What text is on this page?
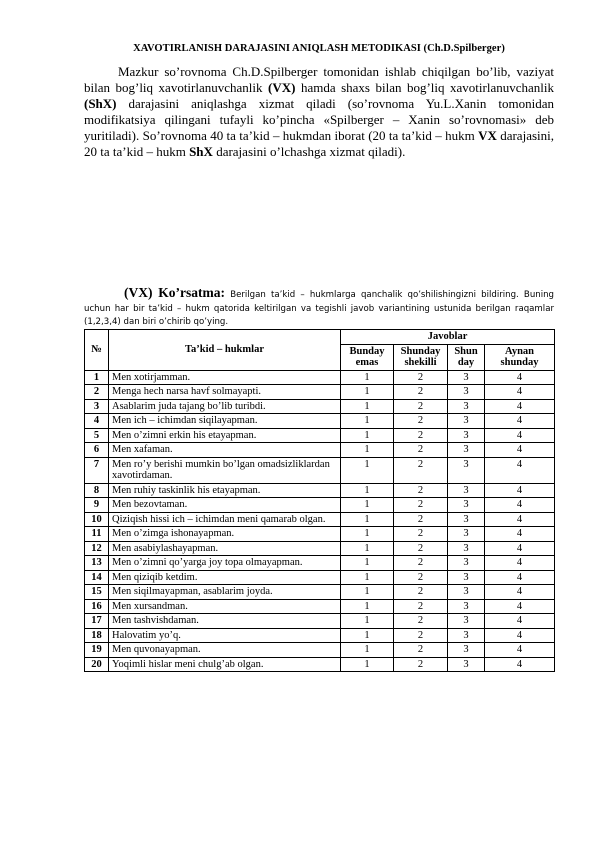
XAVOTIRLANISH DARAJASINI ANIQLASH METODIKASI (Ch.D.Spilberger)

Mazkur so’rovnoma Ch.D.Spilberger tomonidan ishlab chiqilgan bo’lib, vaziyat bilan bog’liq xavotirlanuvchanlik (VX) hamda shaxs bilan bog’liq xavotirlanuvchanlik (ShX) darajasini aniqlashga xizmat qiladi (so’rovnoma Yu.L.Xanin tomonidan modifikatsiya qilingani tufayli ko’pincha «Spilberger – Xanin so’rovnomasi» deb yuritiladi). So’rovnoma 40 ta ta’kid – hukmdan iborat (20 ta ta’kid – hukm VX darajasini, 20 ta ta’kid – hukm ShX darajasini o’lchashga xizmat qiladi).

(VX) Ko’rsatma: Berilgan ta’kid – hukmlarga qanchalik qo’shilishingizni bildiring. Buning uchun har bir ta’kid – hukm qatorida keltirilgan va tegishli javob variantining ustunida berilgan raqamlar (1,2,3,4) dan biri o’chirib qo’ying.

№	Ta’kid – hukmlar	Javoblar			
		Bunday emas	Shunday shekilli	Shun day	Aynan shunday
1	Men xotirjamman.	1	2	3	4
2	Menga hech narsa havf solmayapti.	1	2	3	4
3	Asablarim juda tajang bo’lib turibdi.	1	2	3	4
4	Men ich – ichimdan siqilayapman.	1	2	3	4
5	Men o’zimni erkin his etayapman.	1	2	3	4
6	Men xafaman.	1	2	3	4
7	Men ro’y berishi mumkin bo’lgan omadsizliklardan xavotirdaman.	1	2	3	4
8	Men ruhiy taskinlik his etayapman.	1	2	3	4
9	Men bezovtaman.	1	2	3	4
10	Qiziqish hissi ich – ichimdan meni qamarab olgan.	1	2	3	4
11	Men o’zimga ishonayapman.	1	2	3	4
12	Men asabiylashayapman.	1	2	3	4
13	Men o’zimni qo’yarga joy topa olmayapman.	1	2	3	4
14	Men qiziqib ketdim.	1	2	3	4
15	Men siqilmayapman, asablarim joyda.	1	2	3	4
16	Men xursandman.	1	2	3	4
17	Men tashvishdaman.	1	2	3	4
18	Halovatim yo’q.	1	2	3	4
19	Men quvonayapman.	1	2	3	4
20	Yoqimli hislar meni chulg’ab olgan.	1	2	3	4
